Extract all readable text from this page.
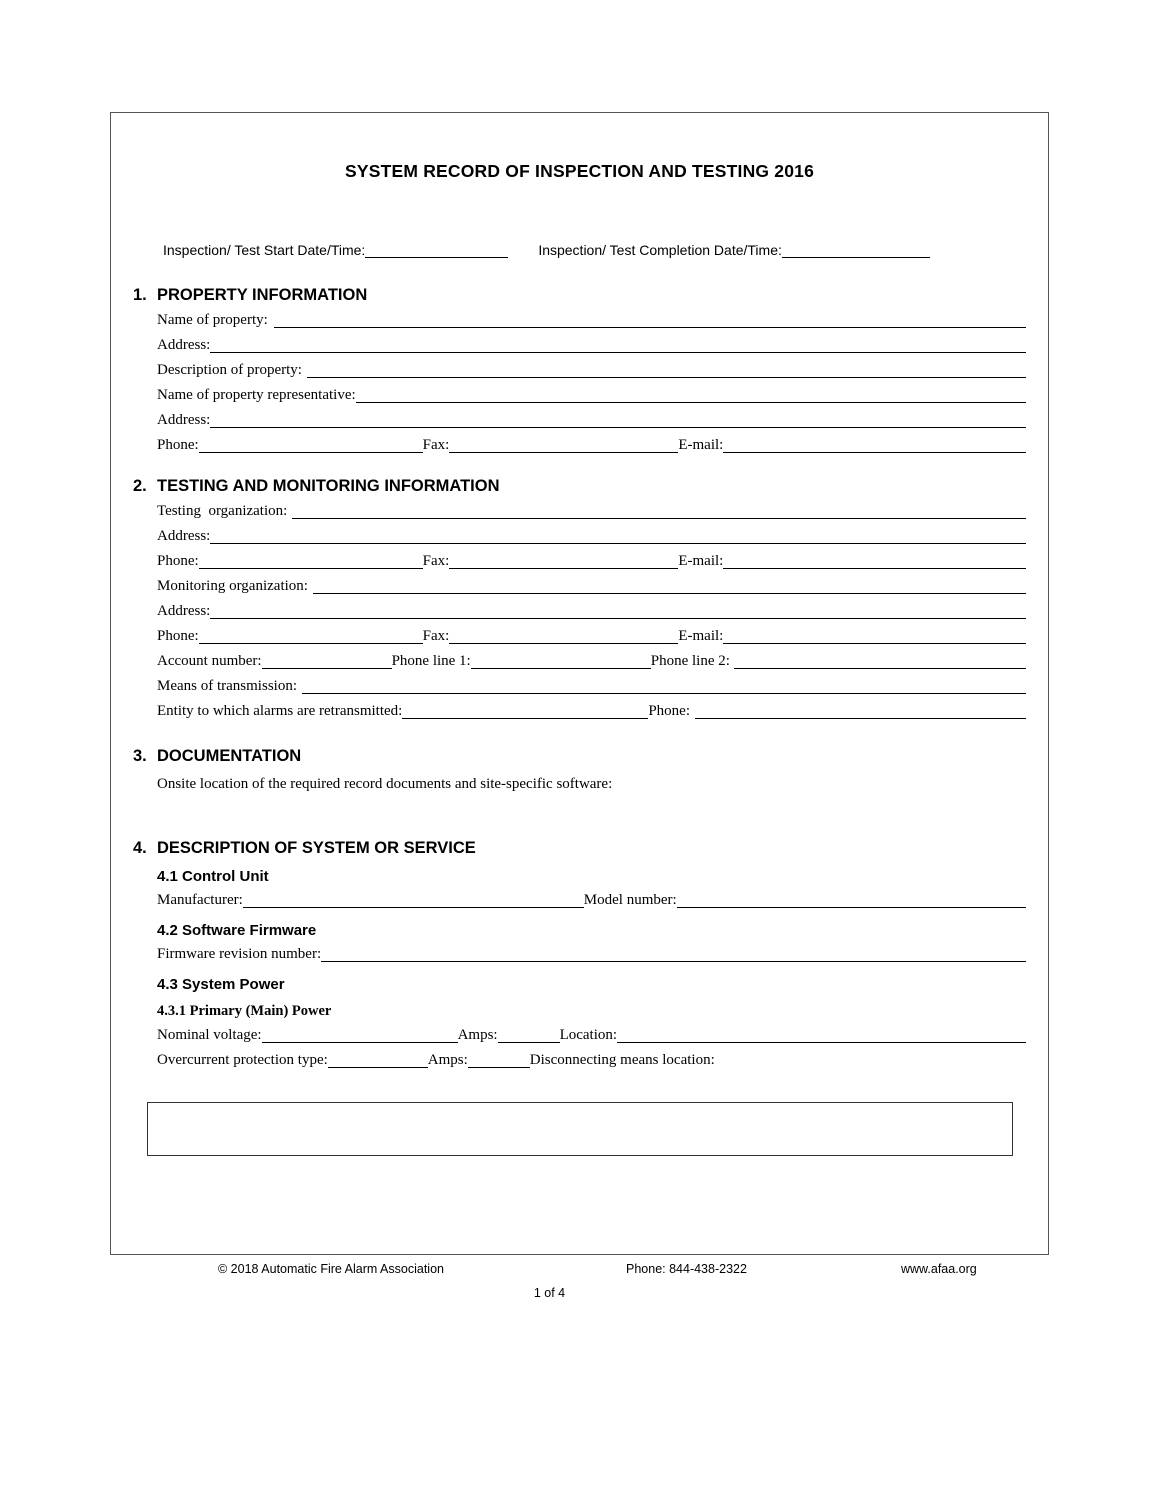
SYSTEM RECORD OF INSPECTION AND TESTING 2016
Inspection/ Test Start Date/Time:	Inspection/ Test Completion Date/Time:
1. PROPERTY INFORMATION
Name of property:
Address:
Description of property:
Name of property representative:
Address:
Phone:	Fax:	E-mail:
2. TESTING AND MONITORING INFORMATION
Testing  organization:
Address:
Phone:	Fax:	E-mail:
Monitoring organization:
Address:
Phone:	Fax:	E-mail:
Account number:	Phone line 1:	Phone line 2:
Means of transmission:
Entity to which alarms are retransmitted:	Phone:
3. DOCUMENTATION
Onsite location of the required record documents and site-specific software:
4. DESCRIPTION OF SYSTEM OR SERVICE
4.1 Control Unit
Manufacturer:	Model number:
4.2 Software Firmware
Firmware revision number:
4.3 System Power
4.3.1 Primary (Main) Power
Nominal voltage:	Amps:	Location:
Overcurrent protection type:	Amps:	Disconnecting means location:
© 2018 Automatic Fire Alarm Association	Phone: 844-438-2322	www.afaa.org
1 of 4
